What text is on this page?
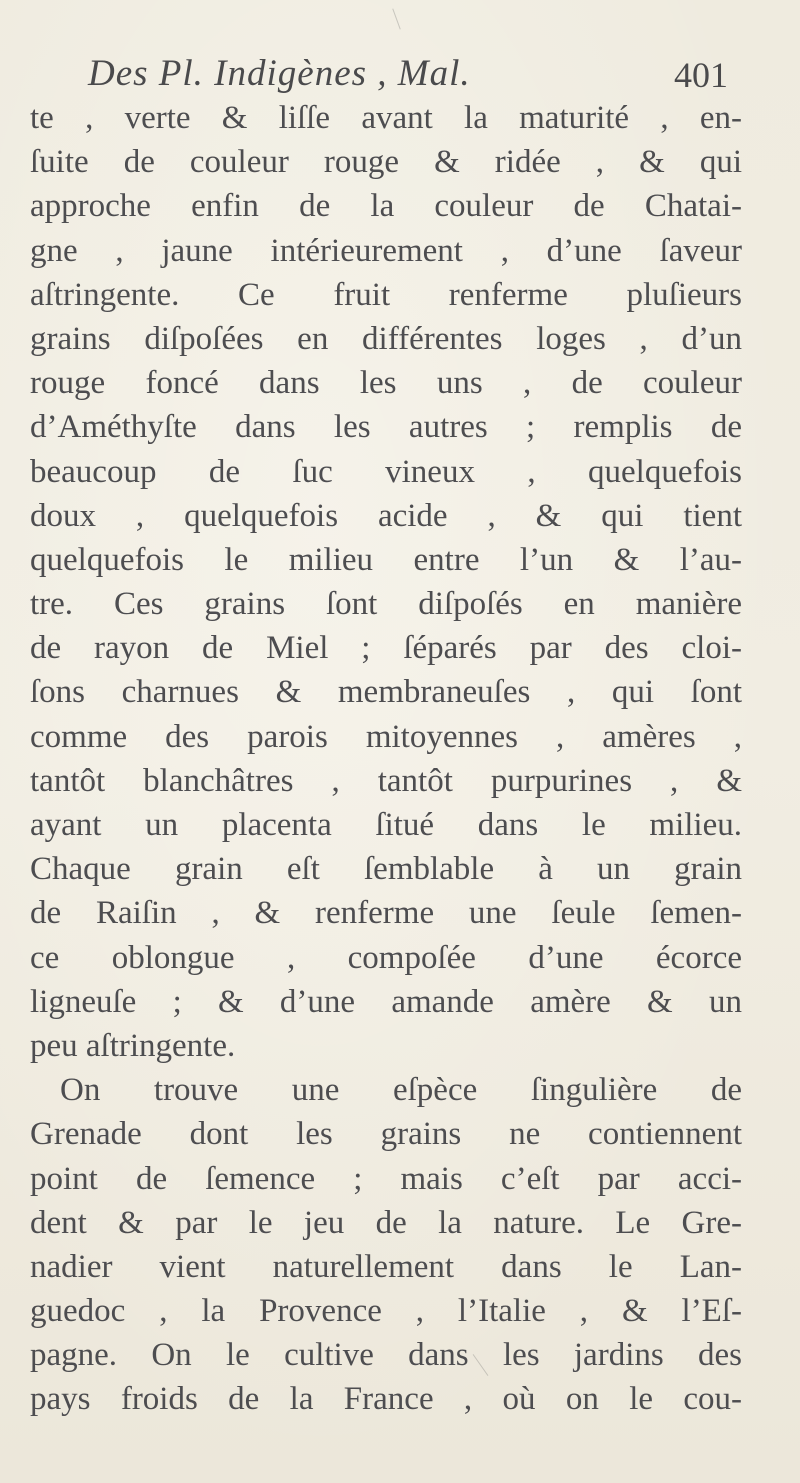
Des Pl. Indigènes , Mal.	401
te , verte & liſſe avant la maturité , en-
ſuite de couleur rouge & ridée , & qui
approche enfin de la couleur de Chatai-
gne , jaune intérieurement , d’une ſaveur
aſtringente. Ce fruit renferme pluſieurs
grains diſpoſées en différentes loges , d’un
rouge foncé dans les uns , de couleur
d’Améthyſte dans les autres ; remplis de
beaucoup de ſuc vineux , quelquefois
doux , quelquefois acide , & qui tient
quelquefois le milieu entre l’un & l’au-
tre. Ces grains ſont diſpoſés en manière
de rayon de Miel ; ſéparés par des cloi-
ſons charnues & membraneuſes , qui ſont
comme des parois mitoyennes , amères ,
tantôt blanchâtres , tantôt purpurines , &
ayant un placenta ſitué dans le milieu.
Chaque grain eſt ſemblable à un grain
de Raiſin , & renferme une ſeule ſemen-
ce oblongue , compoſée d’une écorce
ligneuſe ; & d’une amande amère & un
peu aſtringente.
On trouve une eſpèce ſingulière de
Grenade dont les grains ne contiennent
point de ſemence ; mais c’eſt par acci-
dent & par le jeu de la nature. Le Gre-
nadier vient naturellement dans le Lan-
guedoc , la Provence , l’Italie , & l’Eſ-
pagne. On le cultive dans les jardins des
pays froids de la France , où on le cou-
